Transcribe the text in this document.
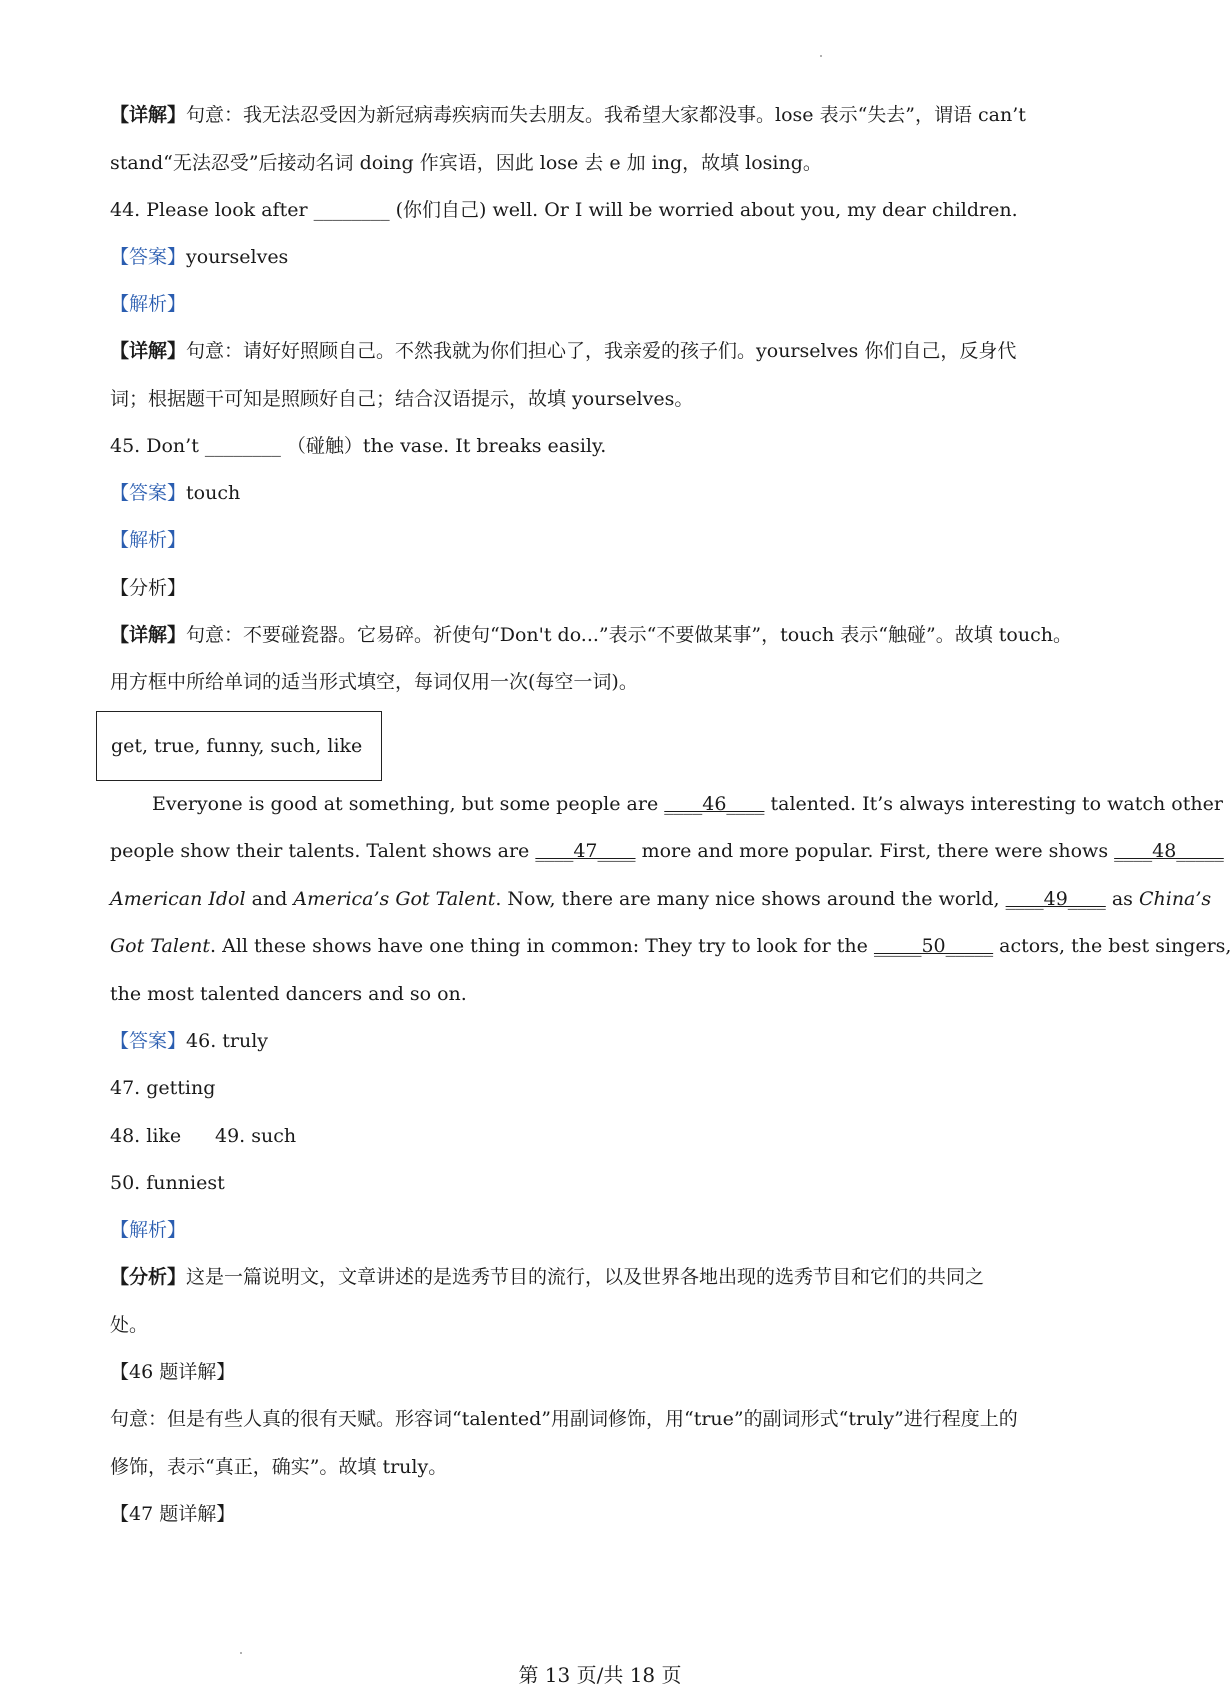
【详解】句意：我无法忍受因为新冠病毒疾病而失去朋友。我希望大家都没事。lose 表示“失去”，谓语 can’t
stand“无法忍受”后接动名词 doing 作宾语，因此 lose 去 e 加 ing，故填 losing。
44. Please look after ________ (你们自己) well. Or I will be worried about you, my dear children.
【答案】yourselves
【解析】
【详解】句意：请好好照顾自己。不然我就为你们担心了，我亲爱的孩子们。yourselves 你们自己，反身代
词；根据题干可知是照顾好自己；结合汉语提示，故填 yourselves。
45. Don’t ________ （碰触）the vase. It breaks easily.
【答案】touch
【解析】
【分析】
【详解】句意：不要碰瓷器。它易碎。祈使句“Don't do...”表示“不要做某事”，touch 表示“触碰”。故填 touch。
用方框中所给单词的适当形式填空，每词仅用一次(每空一词)。
get, true, funny, such, like
Everyone is good at something, but some people are ____46____ talented. It’s always interesting to watch other
people show their talents. Talent shows are ____47____ more and more popular. First, there were shows ____48_____
American Idol and America’s Got Talent. Now, there are many nice shows around the world, ____49____ as China’s
Got Talent. All these shows have one thing in common: They try to look for the _____50_____ actors, the best singers,
the most talented dancers and so on.
【答案】46. truly
47. getting
48. like 49. such
50. funniest
【解析】
【分析】这是一篇说明文，文章讲述的是选秀节目的流行，以及世界各地出现的选秀节目和它们的共同之
处。
【46 题详解】
句意：但是有些人真的很有天赋。形容词“talented”用副词修饰，用“true”的副词形式“truly”进行程度上的
修饰，表示“真正，确实”。故填 truly。
【47 题详解】
第 13 页/共 18 页
